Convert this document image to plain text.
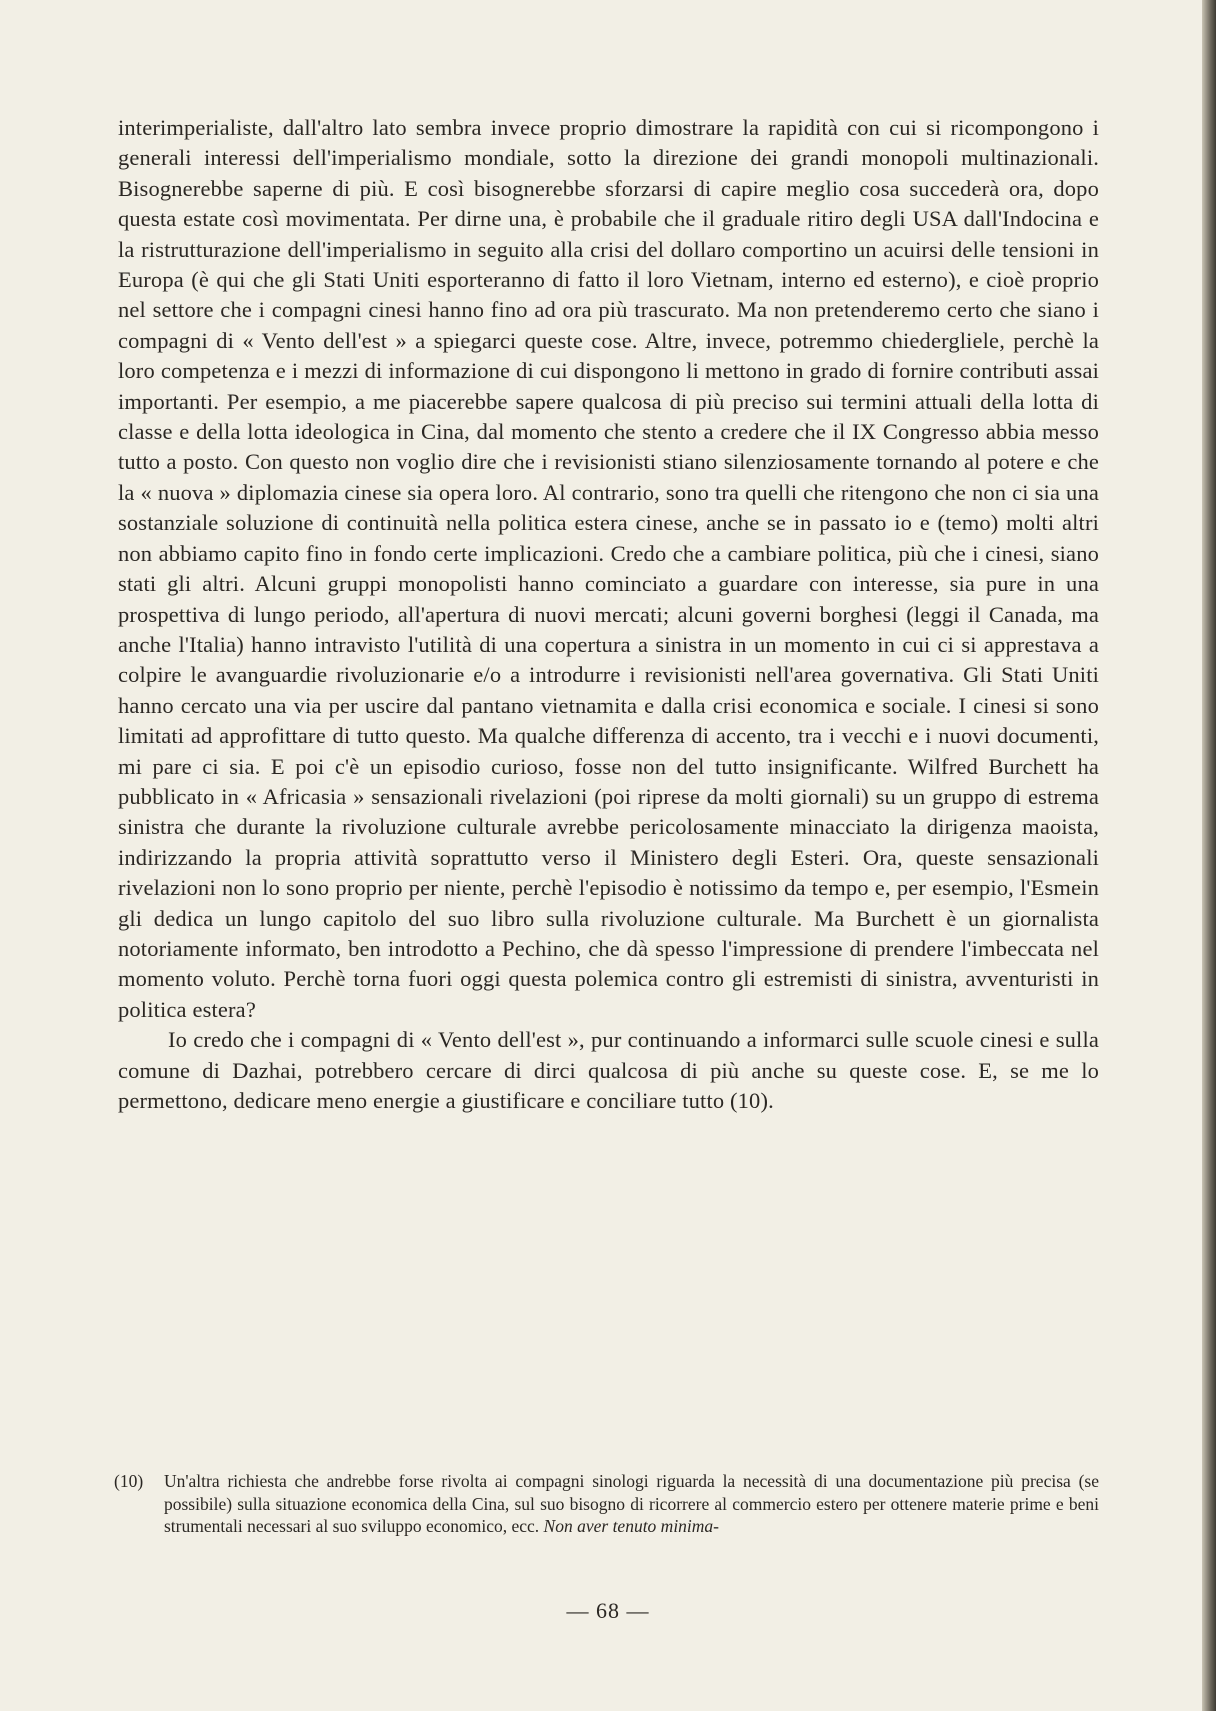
interimperialiste, dall'altro lato sembra invece proprio dimostrare la rapidità con cui si ricompongono i generali interessi dell'imperialismo mondiale, sotto la direzione dei grandi monopoli multinazionali. Bisognerebbe saperne di più. E così bisognerebbe sforzarsi di capire meglio cosa succederà ora, dopo questa estate così movimentata. Per dirne una, è probabile che il graduale ritiro degli USA dall'Indocina e la ristrutturazione dell'imperialismo in seguito alla crisi del dollaro comportino un acuirsi delle tensioni in Europa (è qui che gli Stati Uniti esporteranno di fatto il loro Vietnam, interno ed esterno), e cioè proprio nel settore che i compagni cinesi hanno fino ad ora più trascurato. Ma non pretenderemo certo che siano i compagni di « Vento dell'est » a spiegarci queste cose. Altre, invece, potremmo chiedergliele, perchè la loro competenza e i mezzi di informazione di cui dispongono li mettono in grado di fornire contributi assai importanti. Per esempio, a me piacerebbe sapere qualcosa di più preciso sui termini attuali della lotta di classe e della lotta ideologica in Cina, dal momento che stento a credere che il IX Congresso abbia messo tutto a posto. Con questo non voglio dire che i revisionisti stiano silenziosamente tornando al potere e che la « nuova » diplomazia cinese sia opera loro. Al contrario, sono tra quelli che ritengono che non ci sia una sostanziale soluzione di continuità nella politica estera cinese, anche se in passato io e (temo) molti altri non abbiamo capito fino in fondo certe implicazioni. Credo che a cambiare politica, più che i cinesi, siano stati gli altri. Alcuni gruppi monopolisti hanno cominciato a guardare con interesse, sia pure in una prospettiva di lungo periodo, all'apertura di nuovi mercati; alcuni governi borghesi (leggi il Canada, ma anche l'Italia) hanno intravisto l'utilità di una copertura a sinistra in un momento in cui ci si apprestava a colpire le avanguardie rivoluzionarie e/o a introdurre i revisionisti nell'area governativa. Gli Stati Uniti hanno cercato una via per uscire dal pantano vietnamita e dalla crisi economica e sociale. I cinesi si sono limitati ad approfittare di tutto questo. Ma qualche differenza di accento, tra i vecchi e i nuovi documenti, mi pare ci sia. E poi c'è un episodio curioso, fosse non del tutto insignificante. Wilfred Burchett ha pubblicato in « Africasia » sensazionali rivelazioni (poi riprese da molti giornali) su un gruppo di estrema sinistra che durante la rivoluzione culturale avrebbe pericolosamente minacciato la dirigenza maoista, indirizzando la propria attività soprattutto verso il Ministero degli Esteri. Ora, queste sensazionali rivelazioni non lo sono proprio per niente, perchè l'episodio è notissimo da tempo e, per esempio, l'Esmein gli dedica un lungo capitolo del suo libro sulla rivoluzione culturale. Ma Burchett è un giornalista notoriamente informato, ben introdotto a Pechino, che dà spesso l'impressione di prendere l'imbeccata nel momento voluto. Perchè torna fuori oggi questa polemica contro gli estremisti di sinistra, avventuristi in politica estera?

Io credo che i compagni di « Vento dell'est », pur continuando a informarci sulle scuole cinesi e sulla comune di Dazhai, potrebbero cercare di dirci qualcosa di più anche su queste cose. E, se me lo permettono, dedicare meno energie a giustificare e conciliare tutto (10).

(10) Un'altra richiesta che andrebbe forse rivolta ai compagni sinologi riguarda la necessità di una documentazione più precisa (se possibile) sulla situazione economica della Cina, sul suo bisogno di ricorrere al commercio estero per ottenere materie prime e beni strumentali necessari al suo sviluppo economico, ecc. Non aver tenuto minima-
— 68 —
